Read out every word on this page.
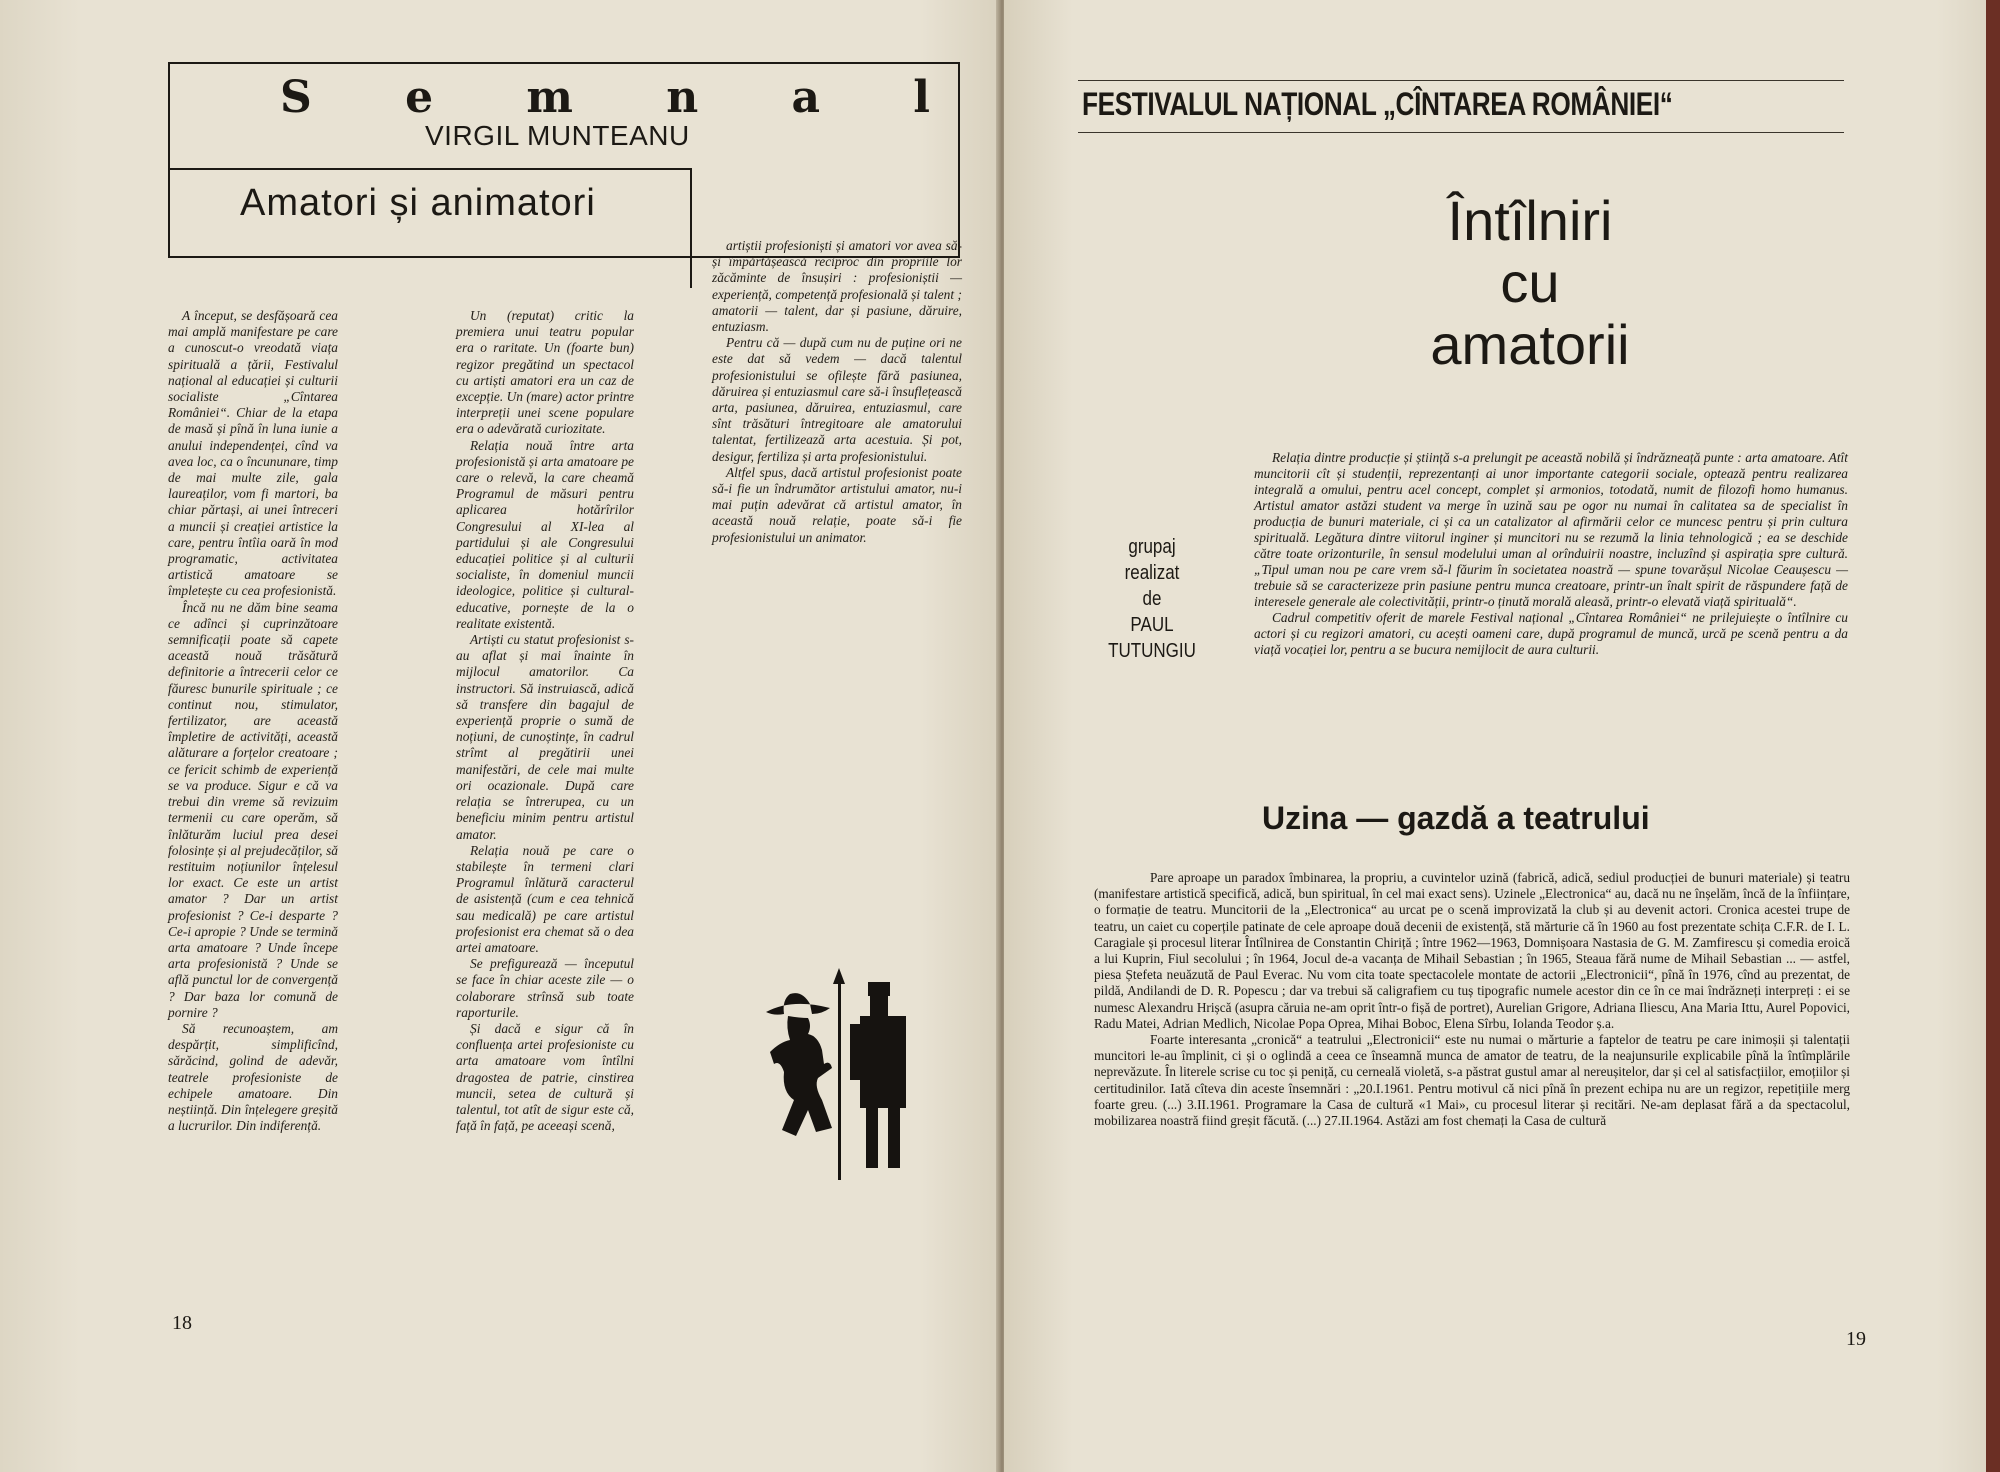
S e m n a l
VIRGIL MUNTEANU
Amatori și animatori

A început, se desfășoară cea mai amplă manifestare pe care a cunoscut-o vreodată viața spirituală a țării, Festivalul național al educației și culturii socialiste „Cîntarea României“. Chiar de la etapa de masă și pînă în luna iunie a anului independenței, cînd va avea loc, ca o încununare, timp de mai multe zile, gala laureaților, vom fi martori, ba chiar părtași, ai unei întreceri a muncii și creației artistice la care, pentru întîia oară în mod programatic, activitatea artistică amatoare se împletește cu cea profesionistă.

Încă nu ne dăm bine seama ce adînci și cuprinzătoare semnificații poate să capete această nouă trăsătură definitorie a întrecerii celor ce făuresc bunurile spirituale ; ce continut nou, stimulator, fertilizator, are această împletire de activități, această alăturare a forțelor creatoare ; ce fericit schimb de experiență se va produce. Sigur e că va trebui din vreme să revizuim termenii cu care operăm, să înlăturăm luciul prea desei folosințe și al prejudecăților, să restituim noțiunilor înțelesul lor exact. Ce este un artist amator ? Dar un artist profesionist ? Ce-i desparte ? Ce-i apropie ? Unde se termină arta amatoare ? Unde începe arta profesionistă ? Unde se află punctul lor de convergență ? Dar baza lor comună de pornire ?

Să recunoaștem, am despărțit, simplificînd, sărăcind, golind de adevăr, teatrele profesioniste de echipele amatoare. Din neștiință. Din înțelegere greșită a lucrurilor. Din indiferență.

Un (reputat) critic la premiera unui teatru popular era o raritate. Un (foarte bun) regizor pregătind un spectacol cu artiști amatori era un caz de excepție. Un (mare) actor printre interpreții unei scene populare era o adevărată curiozitate.

Relația nouă între arta profesionistă și arta amatoare pe care o relevă, la care cheamă Programul de măsuri pentru aplicarea hotărîrilor Congresului al XI-lea al partidului și ale Congresului educației politice și al culturii socialiste, în domeniul muncii ideologice, politice și cultural-educative, pornește de la o realitate existentă.

Artiști cu statut profesionist s-au aflat și mai înainte în mijlocul amatorilor. Ca instructori. Să instruiască, adică să transfere din bagajul de experiență proprie o sumă de noțiuni, de cunoștințe, în cadrul strîmt al pregătirii unei manifestări, de cele mai multe ori ocazionale. După care relația se întrerupea, cu un beneficiu minim pentru artistul amator.

Relația nouă pe care o stabilește în termeni clari Programul înlătură caracterul de asistență (cum e cea tehnică sau medicală) pe care artistul profesionist era chemat să o dea artei amatoare.

Se prefigurează — începutul se face în chiar aceste zile — o colaborare strînsă sub toate raporturile.

Și dacă e sigur că în confluența artei profesioniste cu arta amatoare vom întîlni dragostea de patrie, cinstirea muncii, setea de cultură și talentul, tot atît de sigur este că, față în față, pe aceeași scenă,

artiștii profesioniști și amatori vor avea să-și împărtășească reciproc din propriile lor zăcăminte de însușiri : profesioniștii — experiență, competență profesională și talent ; amatorii — talent, dar și pasiune, dăruire, entuziasm.

Pentru că — după cum nu de puține ori ne este dat să vedem — dacă talentul profesionistului se ofilește fără pasiunea, dăruirea și entuziasmul care să-i însuflețească arta, pasiunea, dăruirea, entuziasmul, care sînt trăsături întregitoare ale amatorului talentat, fertilizează arta acestuia. Și pot, desigur, fertiliza și arta profesionistului.

Altfel spus, dacă artistul profesionist poate să-i fie un îndrumător artistului amator, nu-i mai puțin adevărat că artistul amator, în această nouă relație, poate să-i fie profesionistului un animator.

18
FESTIVALUL NAȚIONAL „CÎNTAREA ROMÂNIEI“
Întîlniri
cu
amatorii
grupaj
realizat
de
PAUL
TUTUNGIU

Relația dintre producție și știință s-a prelungit pe această nobilă și îndrăzneață punte : arta amatoare. Atît muncitorii cît și studenții, reprezentanți ai unor importante categorii sociale, optează pentru realizarea integrală a omului, pentru acel concept, complet și armonios, totodată, numit de filozofi homo humanus. Artistul amator astăzi student va merge în uzină sau pe ogor nu numai în calitatea sa de specialist în producția de bunuri materiale, ci și ca un catalizator al afirmării celor ce muncesc pentru și prin cultura spirituală. Legătura dintre viitorul inginer și muncitori nu se rezumă la linia tehnologică ; ea se deschide către toate orizonturile, în sensul modelului uman al orînduirii noastre, incluzînd și aspirația spre cultură. „Tipul uman nou pe care vrem să-l făurim în societatea noastră — spune tovarășul Nicolae Ceaușescu — trebuie să se caracterizeze prin pasiune pentru munca creatoare, printr-un înalt spirit de răspundere față de interesele generale ale colectivității, printr-o ținută morală aleasă, printr-o elevată viață spirituală“.

Cadrul competitiv oferit de marele Festival național „Cîntarea României“ ne prilejuiește o întîlnire cu actori și cu regizori amatori, cu acești oameni care, după programul de muncă, urcă pe scenă pentru a da viață vocației lor, pentru a se bucura nemijlocit de aura culturii.

Uzina — gazdă a teatrului

Pare aproape un paradox îmbinarea, la propriu, a cuvintelor uzină (fabrică, adică, sediul producției de bunuri materiale) și teatru (manifestare artistică specifică, adică, bun spiritual, în cel mai exact sens). Uzinele „Electronica“ au, dacă nu ne înșelăm, încă de la înființare, o formație de teatru. Muncitorii de la „Electronica“ au urcat pe o scenă improvizată la club și au devenit actori. Cronica acestei trupe de teatru, un caiet cu coperțile patinate de cele aproape două decenii de existență, stă mărturie că în 1960 au fost prezentate schița C.F.R. de I. L. Caragiale și procesul literar Întîlnirea de Constantin Chiriță ; între 1962—1963, Domnișoara Nastasia de G. M. Zamfirescu și comedia eroică a lui Kuprin, Fiul secolului ; în 1964, Jocul de-a vacanța de Mihail Sebastian ; în 1965, Steaua fără nume de Mihail Sebastian ... — astfel, piesa Ștefeta neuăzută de Paul Everac. Nu vom cita toate spectacolele montate de actorii „Electronicii“, pînă în 1976, cînd au prezentat, de pildă, Andilandi de D. R. Popescu ; dar va trebui să caligrafiem cu tuș tipografic numele acestor din ce în ce mai îndrăzneți interpreți : ei se numesc Alexandru Hrișcă (asupra căruia ne-am oprit într-o fișă de portret), Aurelian Grigore, Adriana Iliescu, Ana Maria Ittu, Aurel Popovici, Radu Matei, Adrian Medlich, Nicolae Popa Oprea, Mihai Boboc, Elena Sîrbu, Iolanda Teodor ș.a.

Foarte interesanta „cronică“ a teatrului „Electronicii“ este nu numai o mărturie a faptelor de teatru pe care inimoșii și talentații muncitori le-au împlinit, ci și o oglindă a ceea ce înseamnă munca de amator de teatru, de la neajunsurile explicabile pînă la întîmplările neprevăzute. În literele scrise cu toc și peniță, cu cerneală violetă, s-a păstrat gustul amar al nereușitelor, dar și cel al satisfacțiilor, emoțiilor și certitudinilor. Iată cîteva din aceste însemnări : „20.I.1961. Pentru motivul că nici pînă în prezent echipa nu are un regizor, repetițiile merg foarte greu. (...) 3.II.1961. Programare la Casa de cultură «1 Mai», cu procesul literar și recitări. Ne-am deplasat fără a da spectacolul, mobilizarea noastră fiind greșit făcută. (...) 27.II.1964. Astăzi am fost chemați la Casa de cultură

19
